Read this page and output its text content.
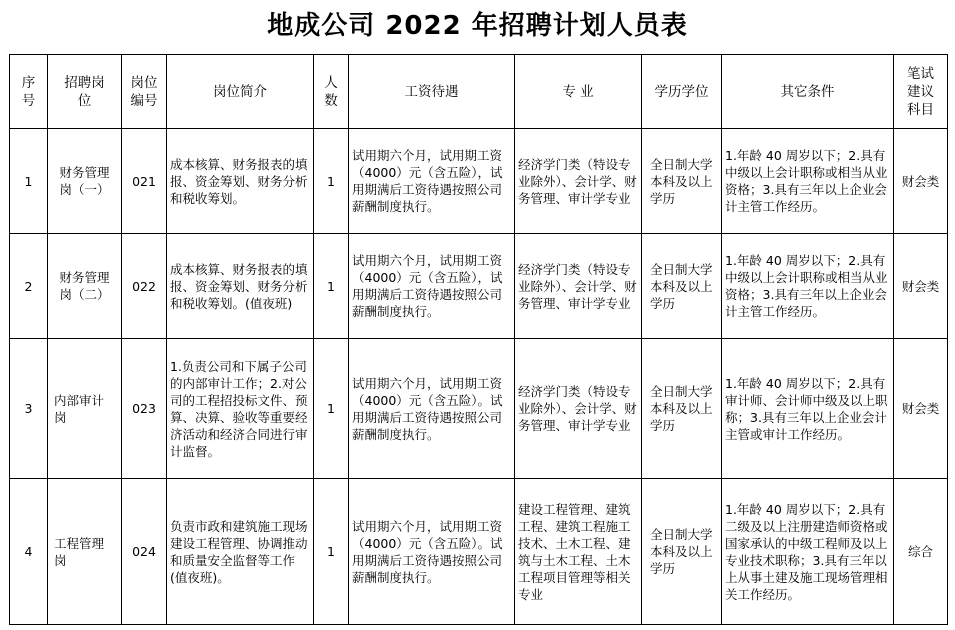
地成公司 2022 年招聘计划人员表
序号	招聘岗位	岗位编号	岗位简介	人数	工资待遇	专 业	学历学位	其它条件	笔试建议科目
1	财务管理岗（一）	021	成本核算、财务报表的填报、资金筹划、财务分析和税收筹划。	1	试用期六个月，试用期工资（4000）元（含五险），试用期满后工资待遇按照公司薪酬制度执行。	经济学门类（特设专业除外）、会计学、财务管理、审计学专业	全日制大学本科及以上学历	1.年龄 40 周岁以下；2.具有中级以上会计职称或相当从业资格；3.具有三年以上企业会计主管工作经历。	财会类
2	财务管理岗（二）	022	成本核算、财务报表的填报、资金筹划、财务分析和税收筹划。(值夜班)	1	试用期六个月，试用期工资（4000）元（含五险），试用期满后工资待遇按照公司薪酬制度执行。	经济学门类（特设专业除外）、会计学、财务管理、审计学专业	全日制大学本科及以上学历	1.年龄 40 周岁以下；2.具有中级以上会计职称或相当从业资格；3.具有三年以上企业会计主管工作经历。	财会类
3	内部审计岗	023	1.负责公司和下属子公司的内部审计工作；2.对公司的工程招投标文件、预算、决算、验收等重要经济活动和经济合同进行审计监督。	1	试用期六个月，试用期工资（4000）元（含五险）。试用期满后工资待遇按照公司薪酬制度执行。	经济学门类（特设专业除外）、会计学、财务管理、审计学专业	全日制大学本科及以上学历	1.年龄 40 周岁以下；2.具有审计师、会计师中级及以上职称；3.具有三年以上企业会计主管或审计工作经历。	财会类
4	工程管理岗	024	负责市政和建筑施工现场建设工程管理、协调推动和质量安全监督等工作(值夜班)。	1	试用期六个月，试用期工资（4000）元（含五险）。试用期满后工资待遇按照公司薪酬制度执行。	建设工程管理、建筑工程、建筑工程施工技术、土木工程、建筑与土木工程、土木工程项目管理等相关专业	全日制大学本科及以上学历	1.年龄 40 周岁以下；2.具有二级及以上注册建造师资格或国家承认的中级工程师及以上专业技术职称；3.具有三年以上从事土建及施工现场管理相关工作经历。	综合
